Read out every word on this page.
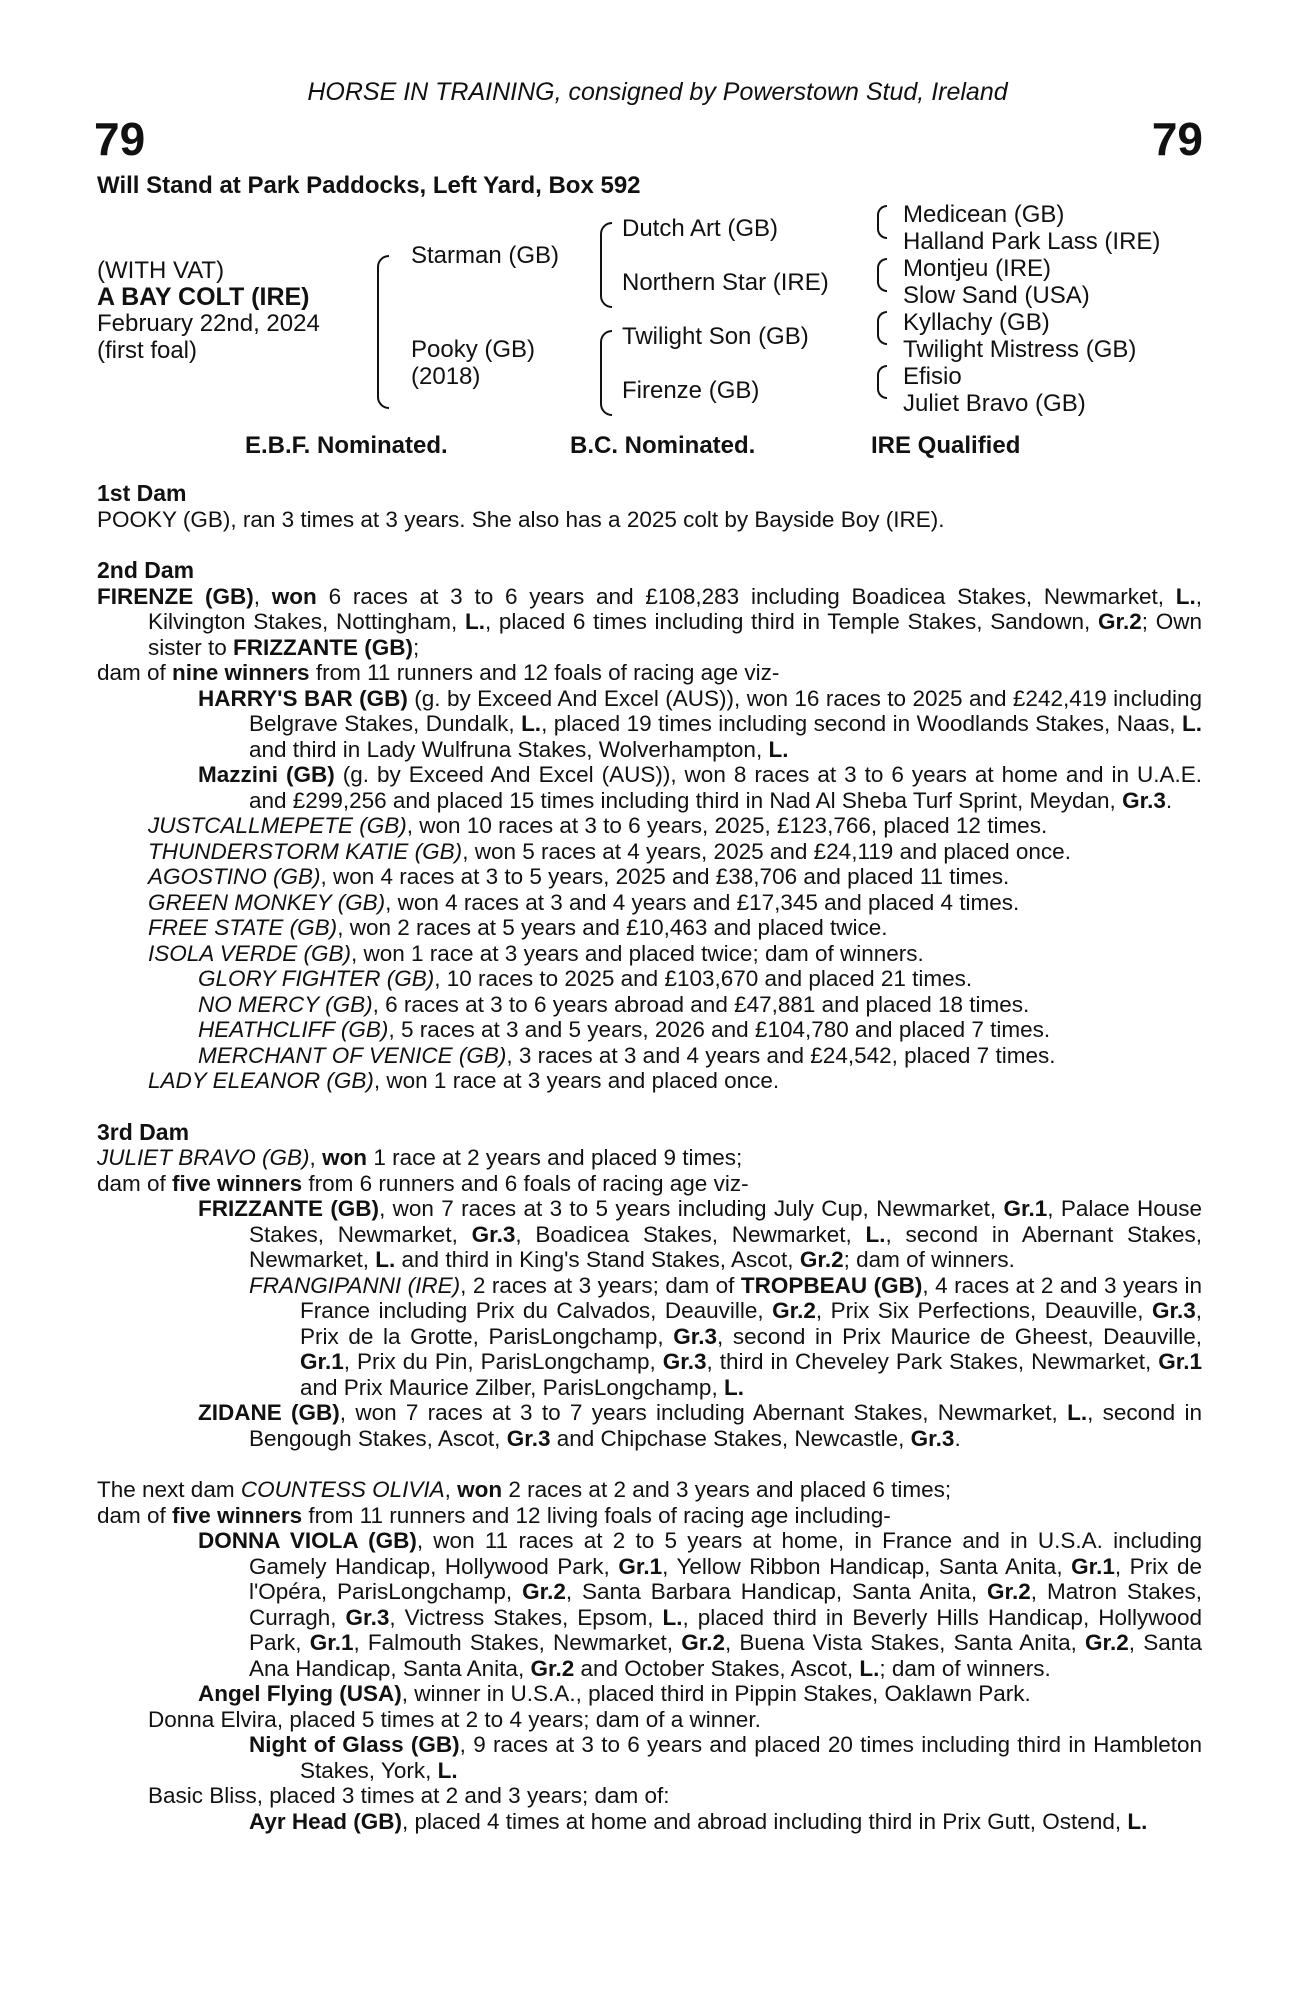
HORSE IN TRAINING, consigned by Powerstown Stud, Ireland
79	79
Will Stand at Park Paddocks, Left Yard, Box 592
(WITH VAT)
A BAY COLT (IRE)
February 22nd, 2024
(first foal)
Starman (GB)
Pooky (GB)
(2018)
Dutch Art (GB)
Northern Star (IRE)
Twilight Son (GB)
Firenze (GB)
Medicean (GB)
Halland Park Lass (IRE)
Montjeu (IRE)
Slow Sand (USA)
Kyllachy (GB)
Twilight Mistress (GB)
Efisio
Juliet Bravo (GB)
E.B.F. Nominated.	B.C. Nominated.	IRE Qualified

1st Dam

POOKY (GB), ran 3 times at 3 years. She also has a 2025 colt by Bayside Boy (IRE).

2nd Dam

FIRENZE (GB), won 6 races at 3 to 6 years and £108,283 including Boadicea Stakes, Newmarket, L., Kilvington Stakes, Nottingham, L., placed 6 times including third in Temple Stakes, Sandown, Gr.2; Own sister to FRIZZANTE (GB);

dam of nine winners from 11 runners and 12 foals of racing age viz-

HARRY'S BAR (GB) (g. by Exceed And Excel (AUS)), won 16 races to 2025 and £242,419 including Belgrave Stakes, Dundalk, L., placed 19 times including second in Woodlands Stakes, Naas, L. and third in Lady Wulfruna Stakes, Wolverhampton, L.

Mazzini (GB) (g. by Exceed And Excel (AUS)), won 8 races at 3 to 6 years at home and in U.A.E. and £299,256 and placed 15 times including third in Nad Al Sheba Turf Sprint, Meydan, Gr.3.

JUSTCALLMEPETE (GB), won 10 races at 3 to 6 years, 2025, £123,766, placed 12 times.

THUNDERSTORM KATIE (GB), won 5 races at 4 years, 2025 and £24,119 and placed once.

AGOSTINO (GB), won 4 races at 3 to 5 years, 2025 and £38,706 and placed 11 times.

GREEN MONKEY (GB), won 4 races at 3 and 4 years and £17,345 and placed 4 times.

FREE STATE (GB), won 2 races at 5 years and £10,463 and placed twice.

ISOLA VERDE (GB), won 1 race at 3 years and placed twice; dam of winners.

GLORY FIGHTER (GB), 10 races to 2025 and £103,670 and placed 21 times.

NO MERCY (GB), 6 races at 3 to 6 years abroad and £47,881 and placed 18 times.

HEATHCLIFF (GB), 5 races at 3 and 5 years, 2026 and £104,780 and placed 7 times.

MERCHANT OF VENICE (GB), 3 races at 3 and 4 years and £24,542, placed 7 times.

LADY ELEANOR (GB), won 1 race at 3 years and placed once.

3rd Dam

JULIET BRAVO (GB), won 1 race at 2 years and placed 9 times;

dam of five winners from 6 runners and 6 foals of racing age viz-

FRIZZANTE (GB), won 7 races at 3 to 5 years including July Cup, Newmarket, Gr.1, Palace House Stakes, Newmarket, Gr.3, Boadicea Stakes, Newmarket, L., second in Abernant Stakes, Newmarket, L. and third in King's Stand Stakes, Ascot, Gr.2; dam of winners.

FRANGIPANNI (IRE), 2 races at 3 years; dam of TROPBEAU (GB), 4 races at 2 and 3 years in France including Prix du Calvados, Deauville, Gr.2, Prix Six Perfections, Deauville, Gr.3, Prix de la Grotte, ParisLongchamp, Gr.3, second in Prix Maurice de Gheest, Deauville, Gr.1, Prix du Pin, ParisLongchamp, Gr.3, third in Cheveley Park Stakes, Newmarket, Gr.1 and Prix Maurice Zilber, ParisLongchamp, L.

ZIDANE (GB), won 7 races at 3 to 7 years including Abernant Stakes, Newmarket, L., second in Bengough Stakes, Ascot, Gr.3 and Chipchase Stakes, Newcastle, Gr.3.

The next dam COUNTESS OLIVIA, won 2 races at 2 and 3 years and placed 6 times;

dam of five winners from 11 runners and 12 living foals of racing age including-

DONNA VIOLA (GB), won 11 races at 2 to 5 years at home, in France and in U.S.A. including Gamely Handicap, Hollywood Park, Gr.1, Yellow Ribbon Handicap, Santa Anita, Gr.1, Prix de l'Opéra, ParisLongchamp, Gr.2, Santa Barbara Handicap, Santa Anita, Gr.2, Matron Stakes, Curragh, Gr.3, Victress Stakes, Epsom, L., placed third in Beverly Hills Handicap, Hollywood Park, Gr.1, Falmouth Stakes, Newmarket, Gr.2, Buena Vista Stakes, Santa Anita, Gr.2, Santa Ana Handicap, Santa Anita, Gr.2 and October Stakes, Ascot, L.; dam of winners.

Angel Flying (USA), winner in U.S.A., placed third in Pippin Stakes, Oaklawn Park.

Donna Elvira, placed 5 times at 2 to 4 years; dam of a winner.

Night of Glass (GB), 9 races at 3 to 6 years and placed 20 times including third in Hambleton Stakes, York, L.

Basic Bliss, placed 3 times at 2 and 3 years; dam of:

Ayr Head (GB), placed 4 times at home and abroad including third in Prix Gutt, Ostend, L.
